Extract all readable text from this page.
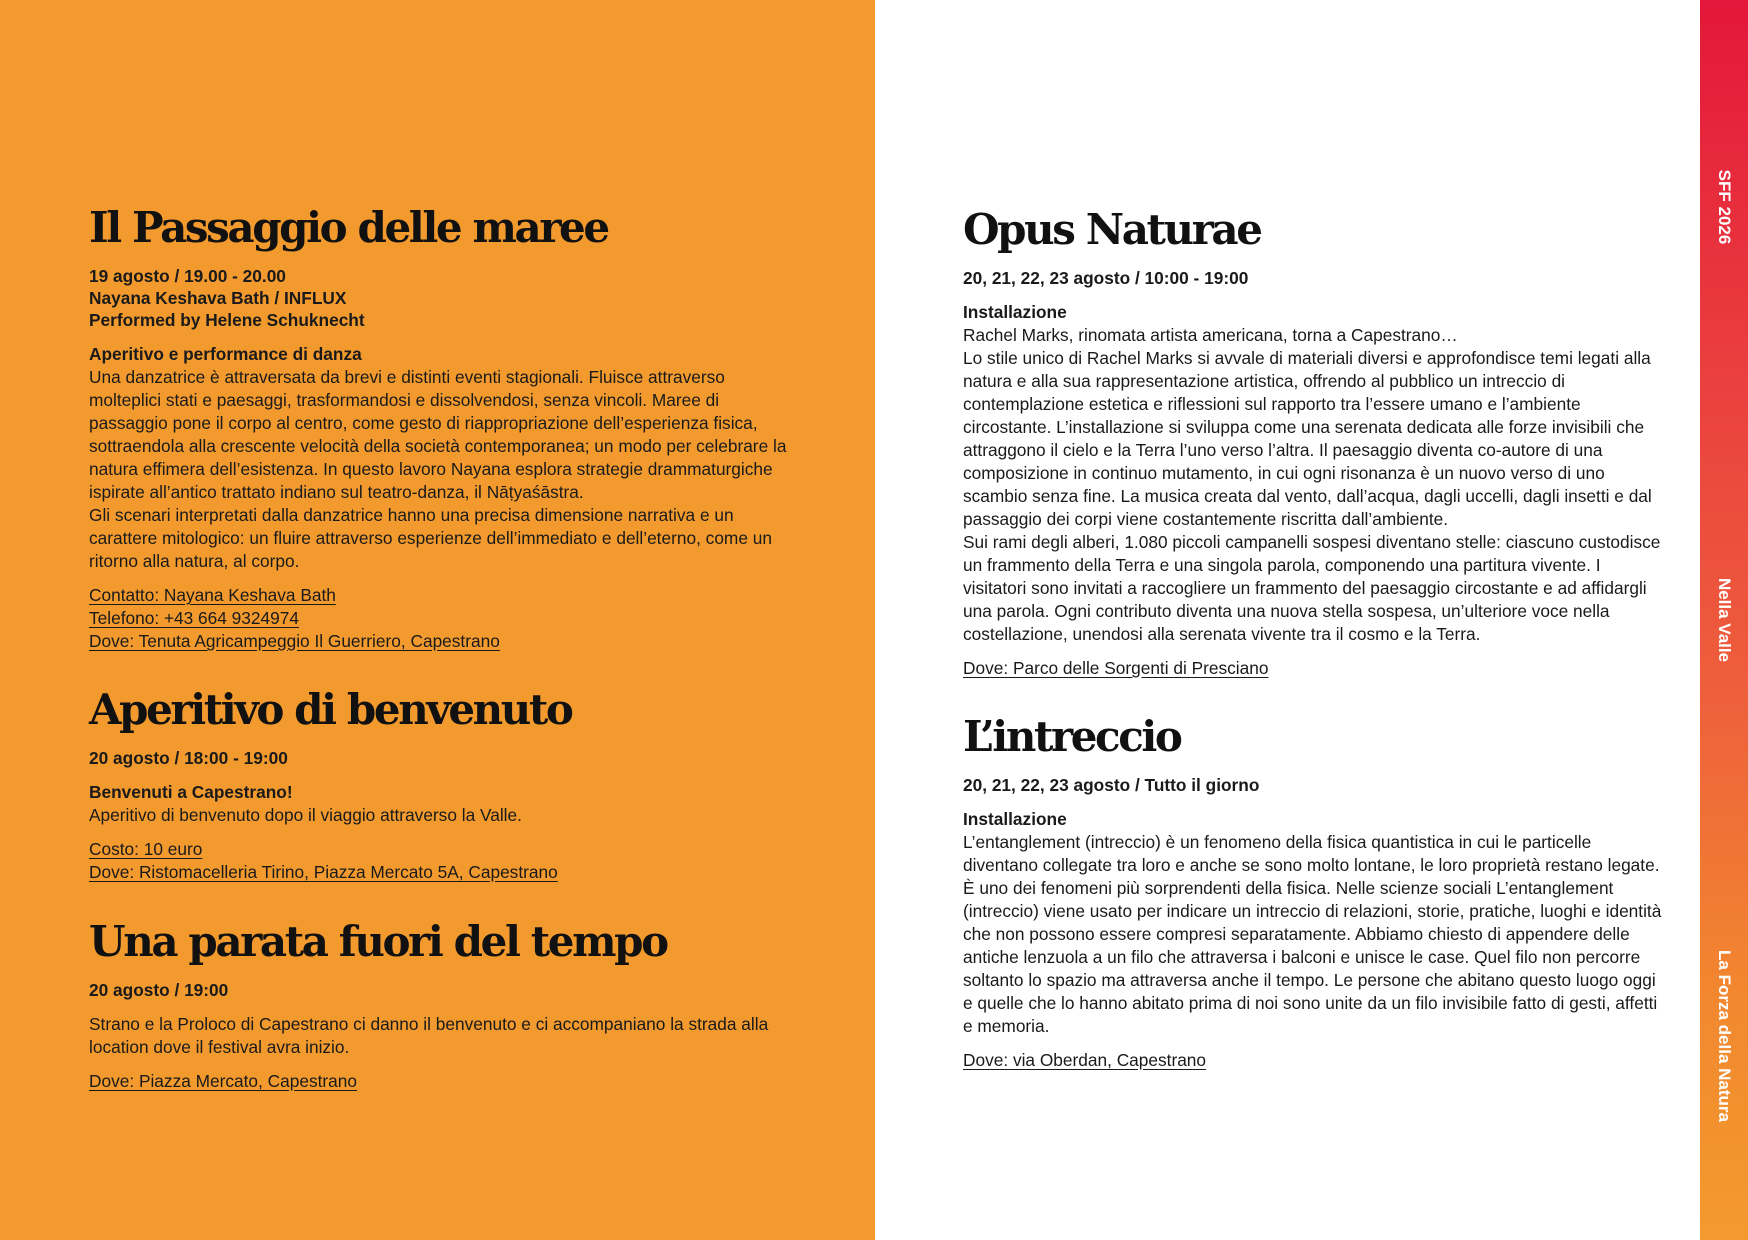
Il Passaggio delle maree
19 agosto / 19.00 - 20.00
Nayana Keshava Bath / INFLUX
Performed by Helene Schuknecht
Aperitivo e performance di danza

Una danzatrice è attraversata da brevi e distinti eventi stagionali. Fluisce attraverso molteplici stati e paesaggi, trasformandosi e dissolvendosi, senza vincoli. Maree di passaggio pone il corpo al centro, come gesto di riappropriazione dell’esperienza fisica, sottraendola alla crescente velocità della società contemporanea; un modo per celebrare la natura effimera dell’esistenza. In questo lavoro Nayana esplora strategie drammaturgiche ispirate all’antico trattato indiano sul teatro-danza, il Nāṭyaśāstra.

Gli scenari interpretati dalla danzatrice hanno una precisa dimensione narrativa e un carattere mitologico: un fluire attraverso esperienze dell’immediato e dell’eterno, come un ritorno alla natura, al corpo.

Contatto: Nayana Keshava Bath
Telefono: +43 664 9324974
Dove: Tenuta Agricampeggio Il Guerriero, Capestrano
Aperitivo di benvenuto
20 agosto / 18:00 - 19:00
Benvenuti a Capestrano!

Aperitivo di benvenuto dopo il viaggio attraverso la Valle.

Costo: 10 euro
Dove: Ristomacelleria Tirino, Piazza Mercato 5A, Capestrano
Una parata fuori del tempo
20 agosto / 19:00

Strano e la Proloco di Capestrano ci danno il benvenuto e ci accompaniano la strada alla location dove il festival avra inizio.

Dove: Piazza Mercato, Capestrano
Opus Naturae
20, 21, 22, 23 agosto / 10:00 - 19:00
Installazione

Rachel Marks, rinomata artista americana, torna a Capestrano…

Lo stile unico di Rachel Marks si avvale di materiali diversi e approfondisce temi legati alla natura e alla sua rappresentazione artistica, offrendo al pubblico un intreccio di contemplazione estetica e riflessioni sul rapporto tra l’essere umano e l’ambiente circostante. L’installazione si sviluppa come una serenata dedicata alle forze invisibili che attraggono il cielo e la Terra l’uno verso l’altra. Il paesaggio diventa co-autore di una composizione in continuo mutamento, in cui ogni risonanza è un nuovo verso di uno scambio senza fine. La musica creata dal vento, dall’acqua, dagli uccelli, dagli insetti e dal passaggio dei corpi viene costantemente riscritta dall’ambiente.

Sui rami degli alberi, 1.080 piccoli campanelli sospesi diventano stelle: ciascuno custodisce un frammento della Terra e una singola parola, componendo una partitura vivente. I visitatori sono invitati a raccogliere un frammento del paesaggio circostante e ad affidargli una parola. Ogni contributo diventa una nuova stella sospesa, un’ulteriore voce nella costellazione, unendosi alla serenata vivente tra il cosmo e la Terra.

Dove: Parco delle Sorgenti di Presciano
L’intreccio
20, 21, 22, 23 agosto / Tutto il giorno
Installazione

L’entanglement (intreccio) è un fenomeno della fisica quantistica in cui le particelle diventano collegate tra loro e anche se sono molto lontane, le loro proprietà restano legate. È uno dei fenomeni più sorprendenti della fisica. Nelle scienze sociali L’entanglement (intreccio) viene usato per indicare un intreccio di relazioni, storie, pratiche, luoghi e identità che non possono essere compresi separatamente. Abbiamo chiesto di appendere delle antiche lenzuola a un filo che attraversa i balconi e unisce le case. Quel filo non percorre soltanto lo spazio ma attraversa anche il tempo. Le persone che abitano questo luogo oggi e quelle che lo hanno abitato prima di noi sono unite da un filo invisibile fatto di gesti, affetti e memoria.

Dove: via Oberdan, Capestrano
SFF 2026
Nella Valle
La Forza della Natura
